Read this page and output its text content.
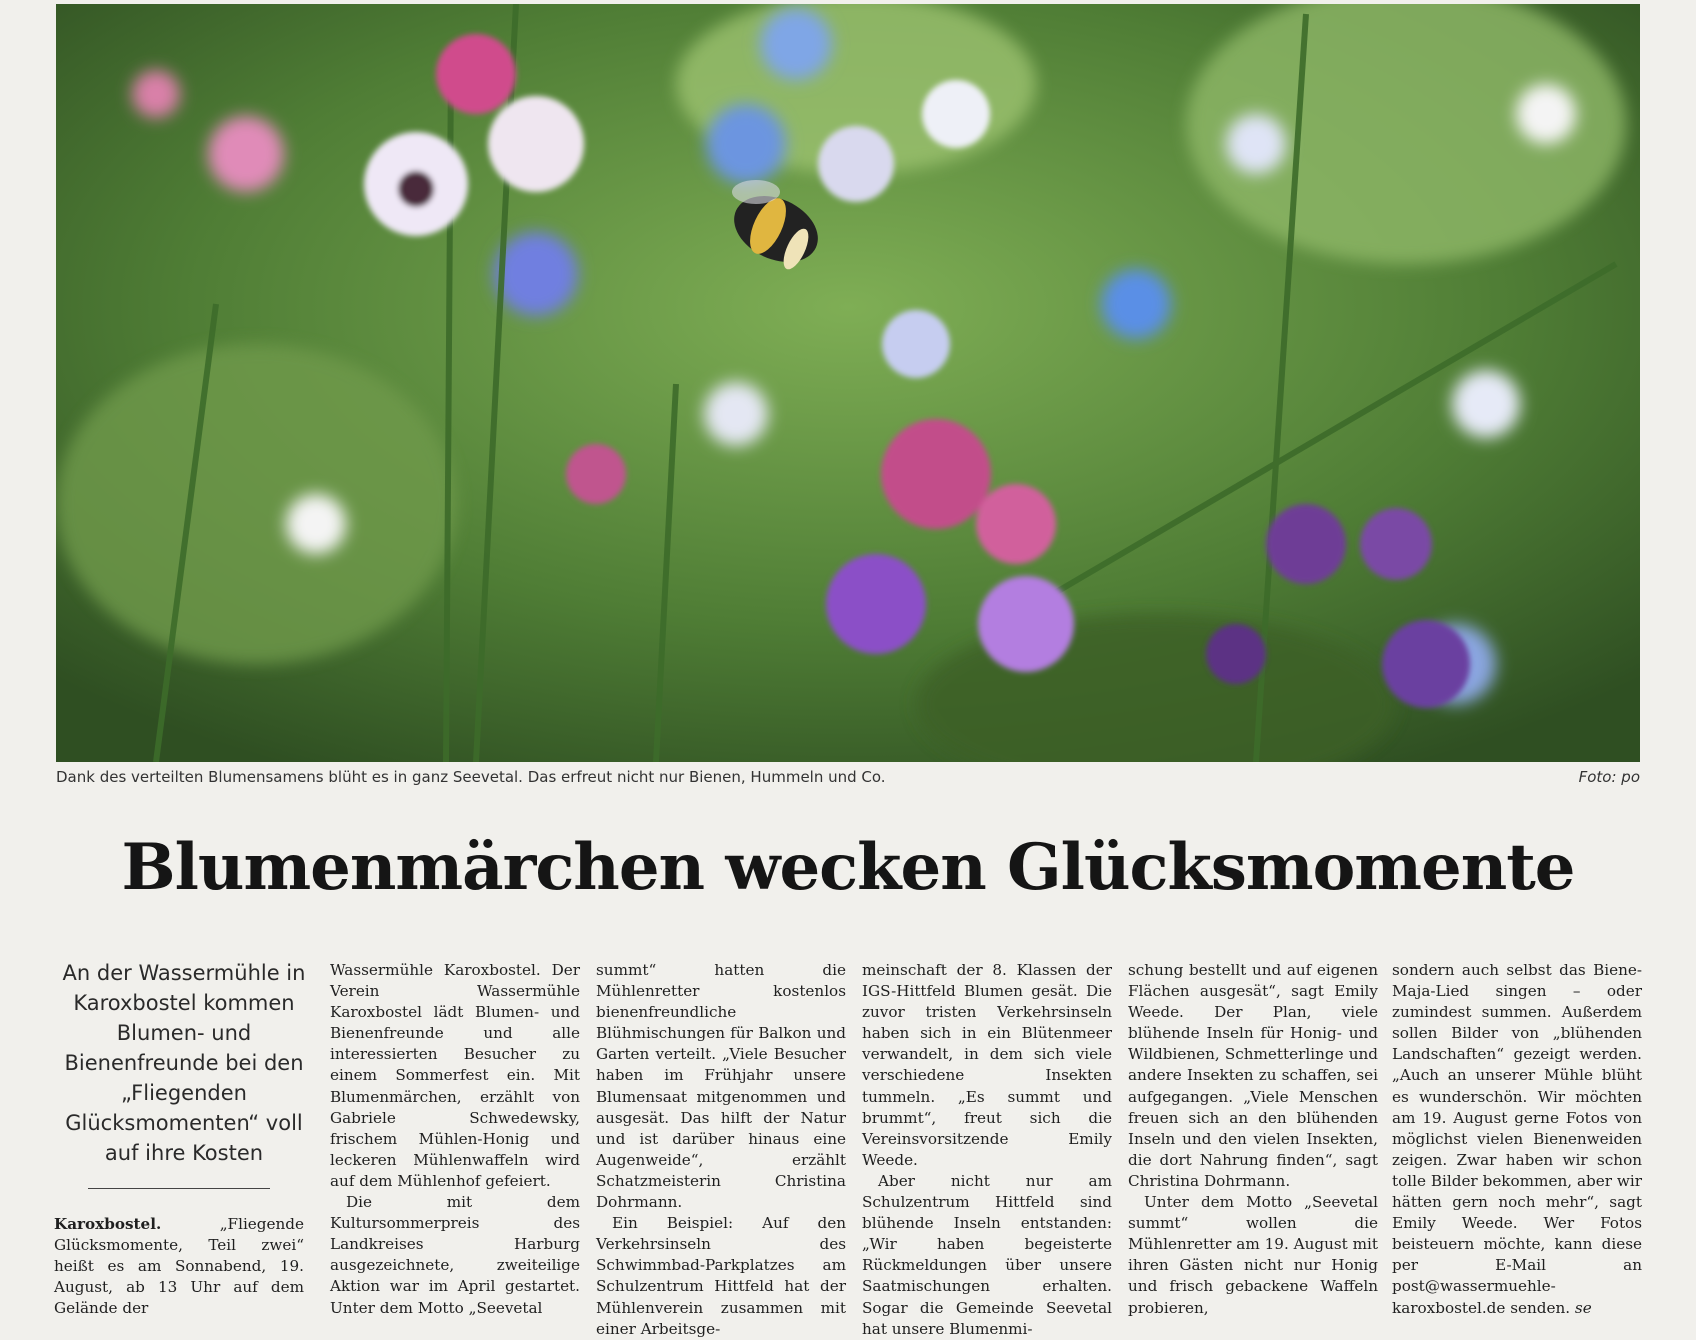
Dank des verteilten Blumensamens blüht es in ganz Seevetal. Das erfreut nicht nur Bienen, Hummeln und Co.	Foto: po
Blumenmärchen wecken Glücksmomente
An der Wassermühle in Karoxbostel kommen Blumen- und Bienenfreunde bei den „Fliegenden Glücksmomenten“ voll auf ihre Kosten

Karoxbostel.	„Fliegende Glücksmomente, Teil zwei“ heißt es am Sonnabend, 19. August, ab 13 Uhr auf dem Gelände der

Wassermühle Karoxbostel. Der Verein Wassermühle Karoxbostel lädt Blumen- und Bienenfreunde und alle interessierten Besucher zu einem Sommerfest ein. Mit Blumenmärchen, erzählt von Gabriele Schwedewsky, frischem Mühlen-Honig und leckeren Mühlenwaffeln wird auf dem Mühlenhof gefeiert.

Die mit dem Kultursommerpreis des Landkreises Harburg ausgezeichnete, zweiteilige Aktion war im April gestartet. Unter dem Motto „Seevetal

summt“ hatten die Mühlenretter kostenlos bienenfreundliche Blühmischungen für Balkon und Garten verteilt. „Viele Besucher haben im Frühjahr unsere Blumensaat mitgenommen und ausgesät. Das hilft der Natur und ist darüber hinaus eine Augenweide“, erzählt Schatzmeisterin Christina Dohrmann.

Ein Beispiel: Auf den Verkehrsinseln des Schwimmbad-Parkplatzes am Schulzentrum Hittfeld hat der Mühlenverein zusammen mit einer Arbeitsge-

meinschaft der 8. Klassen der IGS-Hittfeld Blumen gesät. Die zuvor tristen Verkehrsinseln haben sich in ein Blütenmeer verwandelt, in dem sich viele verschiedene Insekten tummeln. „Es summt und brummt“, freut sich die Vereinsvorsitzende Emily Weede.

Aber nicht nur am Schulzentrum Hittfeld sind blühende Inseln entstanden: „Wir haben begeisterte Rückmeldungen über unsere Saatmischungen erhalten. Sogar die Gemeinde Seevetal hat unsere Blumenmi-

schung bestellt und auf eigenen Flächen ausgesät“, sagt Emily Weede. Der Plan, viele blühende Inseln für Honig- und Wildbienen, Schmetterlinge und andere Insekten zu schaffen, sei aufgegangen. „Viele Menschen freuen sich an den blühenden Inseln und den vielen Insekten, die dort Nahrung finden“, sagt Christina Dohrmann.

Unter dem Motto „Seevetal summt“ wollen die Mühlenretter am 19. August mit ihren Gästen nicht nur Honig und frisch gebackene Waffeln probieren,

sondern auch selbst das Biene-Maja-Lied singen – oder zumindest summen. Außerdem sollen Bilder von „blühenden Landschaften“ gezeigt werden. „Auch an unserer Mühle blüht es wunderschön. Wir möchten am 19. August gerne Fotos von möglichst vielen Bienenweiden zeigen. Zwar haben wir schon tolle Bilder bekommen, aber wir hätten gern noch mehr“, sagt Emily Weede. Wer Fotos beisteuern möchte, kann diese per E-Mail an post@wassermuehle-karoxbostel.de senden. se
